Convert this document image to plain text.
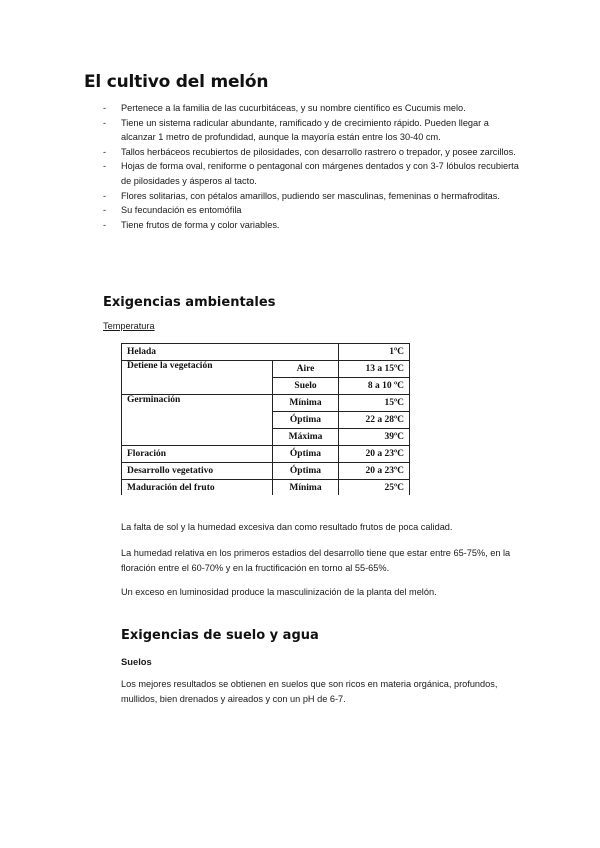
El cultivo del melón
- Pertenece a la familia de las cucurbitáceas, y su nombre científico es Cucumis melo.
- Tiene un sistema radicular abundante, ramificado y de crecimiento rápido. Pueden llegar a alcanzar 1 metro de profundidad, aunque la mayoría están entre los 30-40 cm.
- Tallos herbáceos recubiertos de pilosidades, con desarrollo rastrero o trepador, y posee zarcillos.
- Hojas de forma oval, reniforme o pentagonal con márgenes dentados y con 3-7 lóbulos recubierta de pilosidades y ásperos al tacto.
- Flores solitarias, con pétalos amarillos, pudiendo ser masculinas, femeninas o hermafroditas.
- Su fecundación es entomófila
- Tiene frutos de forma y color variables.
Exigencias ambientales
Temperatura
Helada		1ºC
Detiene la vegetación	Aire	13 a 15ºC
	Suelo	8 a 10 ºC
Germinación	Mínima	15ºC
	Óptima	22 a 28ºC
	Máxima	39ºC
Floración	Óptima	20 a 23ºC
Desarrollo vegetativo	Óptima	20 a 23ºC
Maduración del fruto	Mínima	25ºC
La falta de sol y la humedad excesiva dan como resultado frutos de poca calidad.
La humedad relativa en los primeros estadios del desarrollo tiene que estar entre 65-75%, en la floración entre el 60-70% y en la fructificación en torno al 55-65%.
Un exceso en luminosidad produce la masculinización de la planta del melón.
Exigencias de suelo y agua
Suelos
Los mejores resultados se obtienen en suelos que son ricos en materia orgánica, profundos, mullidos, bien drenados y aireados y con un pH de 6-7.
